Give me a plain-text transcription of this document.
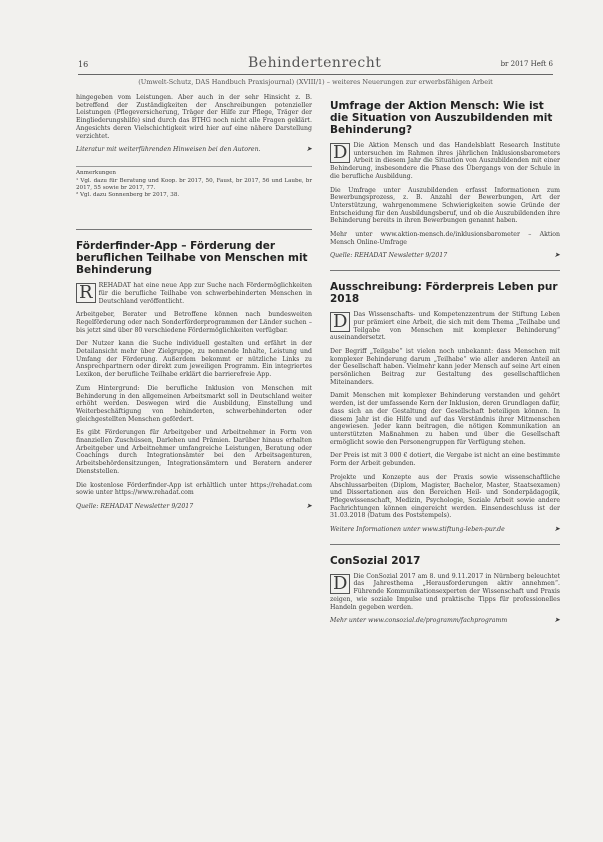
16	Behindertenrecht	br 2017 Heft 6
(Umwelt-Schutz, DAS Handbuch Praxisjournal) (XVIII/1) – weiteres Neuerungen zur erwerbsfähigen Arbeit

hingegeben vom Leistungen. Aber auch in der sehr Hinsicht z. B. betreffend der Zuständigkeiten der Anschreibungen potenzieller Leistungen (Pflegeversicherung, Träger der Hilfe zur Pflege, Träger der Eingliederungshilfe) sind durch das BTHG noch nicht alle Fragen geklärt. Angesichts deren Vielschichtigkeit wird hier auf eine nähere Darstellung verzichtet.

Literatur mit weiterführenden Hinweisen bei den Autoren.	➤
Anmerkungen
¹ Vgl. dazu für Beratung und Koop. br 2017, 50, Faust, br 2017, 56 und Laube, br 2017, 55 sowie br 2017, 77.
² Vgl. dazu Sonnenberg br 2017, 38.
Förderfinder-App – Förderung der beruflichen Teilhabe von Menschen mit Behinderung

R REHADAT hat eine neue App zur Suche nach Fördermöglichkeiten für die berufliche Teilhabe von schwerbehinderten Menschen in Deutschland veröffentlicht.

Arbeitgeber, Berater und Betroffene können nach bundesweiten Regelförderung oder nach Sonderförderprogrammen der Länder suchen – bis jetzt sind über 80 verschiedene Fördermöglichkeiten verfügbar.

Der Nutzer kann die Suche individuell gestalten und erfährt in der Detailansicht mehr über Zielgruppe, zu nennende Inhalte, Leistung und Umfang der Förderung. Außerdem bekommt er nützliche Links zu Ansprechpartnern oder direkt zum jeweiligen Programm. Ein integriertes Lexikon, der berufliche Teilhabe erklärt die barrierefreie App.

Zum Hintergrund: Die berufliche Inklusion von Menschen mit Behinderung in den allgemeinen Arbeitsmarkt soll in Deutschland weiter erhöht werden. Deswegen wird die Ausbildung, Einstellung und Weiterbeschäftigung von behinderten, schwerbehinderten oder gleichgestellten Menschen gefördert.

Es gibt Förderungen für Arbeitgeber und Arbeitnehmer in Form von finanziellen Zuschüssen, Darlehen und Prämien. Darüber hinaus erhalten Arbeitgeber und Arbeitnehmer umfangreiche Leistungen, Beratung oder Coachings durch Integrationsämter bei den Arbeitsagenturen, Arbeitsbehördensitzungen, Integrationsämtern und Beratern anderer Dienststellen.

Die kostenlose Förderfinder-App ist erhältlich unter https://rehadat.com sowie unter https://www.rehadat.com

Quelle: REHADAT Newsletter 9/2017	➤
Umfrage der Aktion Mensch: Wie ist die Situation von Auszubildenden mit Behinderung?

D Die Aktion Mensch und das Handelsblatt Research Institute untersuchen im Rahmen ihres jährlichen Inklusionsbarometers Arbeit in diesem Jahr die Situation von Auszubildenden mit einer Behinderung, insbesondere die Phase des Übergangs von der Schule in die berufliche Ausbildung.

Die Umfrage unter Auszubildenden erfasst Informationen zum Bewerbungsprozess, z. B. Anzahl der Bewerbungen, Art der Unterstützung, wahrgenommene Schwierigkeiten sowie Gründe der Entscheidung für den Ausbildungsberuf, und ob die Auszubildenden ihre Behinderung bereits in ihren Bewerbungen genannt haben.

Mehr unter www.aktion-mensch.de/inklusionsbarometer – Aktion Mensch Online-Umfrage

Quelle: REHADAT Newsletter 9/2017	➤
Ausschreibung: Förderpreis Leben pur 2018

D Das Wissenschafts- und Kompetenzzentrum der Stiftung Leben pur prämiert eine Arbeit, die sich mit dem Thema „Teilhabe und Teilgabe von Menschen mit komplexer Behinderung“ auseinandersetzt.

Der Begriff „Teilgabe“ ist vielen noch unbekannt: dass Menschen mit komplexer Behinderung darum „Teilhabe“ wie aller anderen Anteil an der Gesellschaft haben. Vielmehr kann jeder Mensch auf seine Art einen persönlichen Beitrag zur Gestaltung des gesellschaftlichen Miteinanders.

Damit Menschen mit komplexer Behinderung verstanden und gehört werden, ist der umfassende Kern der Inklusion, deren Grundlagen dafür, dass sich an der Gestaltung der Gesellschaft beteiligen können. In diesem Jahr ist die Hilfe und auf das Verständnis ihrer Mitmenschen angewiesen. Jeder kann beitragen, die nötigen Kommunikation an unterstützten Maßnahmen zu haben und über die Gesellschaft ermöglicht sowie den Personengruppen für Verfügung stehen.

Der Preis ist mit 3 000 € dotiert, die Vergabe ist nicht an eine bestimmte Form der Arbeit gebunden.

Projekte und Konzepte aus der Praxis sowie wissenschaftliche Abschlussarbeiten (Diplom, Magister, Bachelor, Master, Staatsexamen) und Dissertationen aus den Bereichen Heil- und Sonderpädagogik, Pflegewissenschaft, Medizin, Psychologie, Soziale Arbeit sowie andere Fachrichtungen können eingereicht werden. Einsendeschluss ist der 31.03.2018 (Datum des Poststempels).

Weitere Informationen unter www.stiftung-leben-pur.de	➤
ConSozial 2017

D Die ConSozial 2017 am 8. und 9.11.2017 in Nürnberg beleuchtet das Jahresthema „Herausforderungen aktiv annehmen“. Führende Kommunikationsexperten der Wissenschaft und Praxis zeigen, wie soziale Impulse und praktische Tipps für professionelles Handeln gegeben werden.

Mehr unter www.consozial.de/programm/fachprogramm	➤
